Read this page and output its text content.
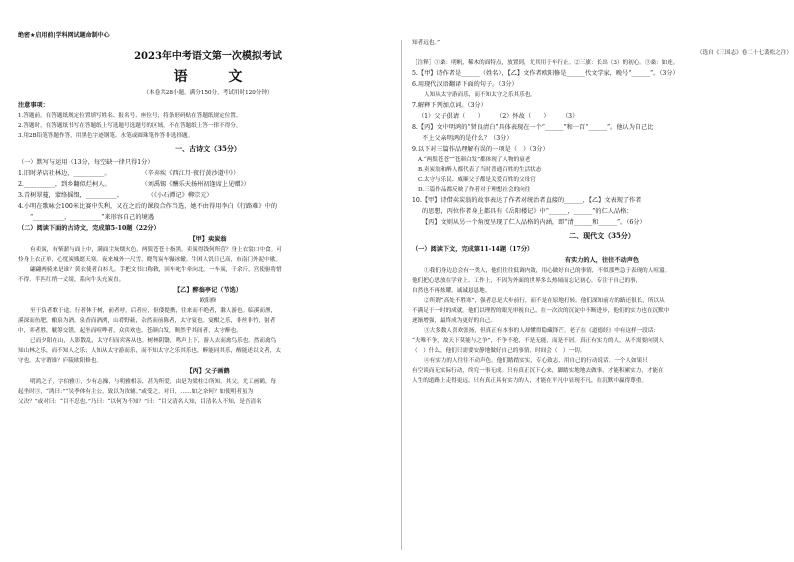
绝密★启用前|学科网试题命制中心
2023年中考语文第一次模拟考试
语 文
（本卷共28小题，满分150分，考试用时120分钟）
注意事项：
1.答题前，在答题纸规定位置填写姓名、报名号、座位号，将条形码贴在答题纸规定位置。
2.答题时，在答题纸书写在答题纸上写选题号选题号的区域，不在答题纸上答一律不得分。
3.用2B铅笔答题作答，用黑色字迹钢笔、水笔或圆珠笔作答非选择题。
一、古诗文（35分）
（一）默写与运用（13分，每空缺一律只得1分）
1.旧时茅店社林边，__________。　　　　　　（辛弃疾《西江月·夜行黄沙道中》）
2.__________，到乡翻似烂柯人。　　　　　　（刘禹锡《酬乐天扬州初逢席上见赠》）
3.青树翠蔓，蒙络摇缀，__________。　　　　　（《小石潭记》柳宗元）
4.小明在歌咏会100米比赛中失利，又在之后的课段合作当选，她不由得用李白《行路难》中的
“__________，__________”来形容自己的境遇
（二）阅读下面的古诗文，完成第5-10题（22分）
【甲】卖炭翁
有卖炭，有柴薪与面上中，满面尘灰烟火色，两鬓苍苍十指黑。卖炭得钱何所营？身上衣裳口中食。可
怜身上衣正单，心忧炭贱愿天寒。夜来城外一尺雪，晓驾炭车辗冰辙。牛困人饥日已高，市南门外泥中歇。
翩翩两骑来是谁？黄衣使者白衫儿。手把文书口称敕，回车叱牛牵向北。一车炭，千余斤，宫使驱将惜
不得。半匹红绡一丈绫，系向牛头充炭直。
【乙】醉翁亭记（节选）
欧阳修
至于负者歌于途，行者休于树，前者呼，后者应，伛偻提携，往来而不绝者，滁人游也。临溪而渔，
溪深而鱼肥，酿泉为酒，泉香而酒洌，山肴野蔌，杂然而前陈者，太守宴也。宴酣之乐，非丝非竹，射者
中，弈者胜，觥筹交错，起坐而喧哗者，众宾欢也。苍颜白发，颓然乎其间者，太守醉也。
已而夕阳在山，人影散乱，太守归而宾客从也。树林阴翳，鸣声上下，游人去而禽鸟乐也。然而禽鸟
知山林之乐，而不知人之乐；人知从太守游而乐，而不知太守之乐其乐也。醉能同其乐，醒能述以文者，太
守也。太守谓谁？庐陵欧阳修也。
【丙】父子画鹤
明鸿之子，字伯雅①，少有志操，与明雅相亲，甚为所爱，由是为梁柱②所知。其父，尤工画鹤，每
起坐时③，“鸿曰：”“吴季体有主公，致以为汝辅。”或受之。对曰，……如之奈何？如使明者虽为
父决？”或对曰：“目不忍也。”乃曰：“以何为不知？”曰：“目父清名人知，目清名人不知，是吾清名
知者远也。”
（选自《三国志》卷二十七裴松之注）
［注释］①桑：明帆，稀木的面特点，放置到，尤其用于车行止。②三旗：长出（3）的初心。③桑：如连。
5.【甲】诗作者是______（姓名），【乙】文作者欧阳修是______代文学家，晚号“______”。（3分）
6.用现代汉语翻译下面的句子。（3分）
人知从太守游而乐，而不知太守之乐其乐也。
7.解释下列加点词。（3分）
（1）父子俱请（　　）　　　（2）怀故（　　）　　　（3）
8.【丙】文中明鸿的“贤良清白”具体表现在一个“______”和一百“______”。他认为自己比
不上父亲明鸿的是什么？（3分）
9.以下对三篇作品理解有误的一项是（　）（3分）
A.“两鬓苍苍”“苍颜白发”都体现了人物的衰老
B.卖炭翁和醉人都代表了当时普通百姓的生活状态
C.太守与乐民、威顺父子都是关爱百姓的父母官
D.三篇作品都反映了作者对于理想社会的向往
10.【甲】诗借卖炭翁的故事表达了作者对统治者直接的______，【乙】文表现了作者
的思想，丙位作者身上都具有《岳阳楼记》中“______，______”的仁人品格；
【丙】文则从另一个角度呈现了仁人品格的内涵，即“清______和______”。（6分）
二、现代文（35分）
（一）阅读下文，完成第11-14题（17分）
有实力的人，往往不动声色
①我们身边总会有一类人，他们往往低调内敛，用心做好自己的事情，不似那些急于表现的人喧嚣。
他们把心思放在学业上、工作上，不因为外面的世界多么热闹而忘记初心，专注于自己的事，
自然也不再炫耀，诚诚恳恳地。
②所谓“高处不胜寒”，强者总是大步前行，而不是在原地打转。他们深知前方的路还很长，所以从
不满足于一时的成就。他们以理智的眼光审视自己，在一次次的沉淀中不断进步，他们的实力也在沉默中
逐渐增强，最终成为更好的自己。
③大多数人喜欢张扬，但真正有本事的人却懂得隐藏锋芒。老子在《道德经》中有这样一段话：
“夫唯不争，故天下莫能与之争”，不争不抢，不是无能，而是不屑。真正有实力的人，从不需要向别人
（　）什么，他们只需要安静地做好自己的事情，时间会（　）一切。
④有实力的人往往不动声色，他们踏踏实实，专心致志，用自己的行动说话。一个人如果只
有空谈而无实际行动，终究一事无成。只有真正沉下心来，脚踏实地地去做事，才能积累实力，才能在
人生的道路上走得更远。只有真正具有实力的人，才能在平凡中显现不凡，在沉默中赢得尊重。
